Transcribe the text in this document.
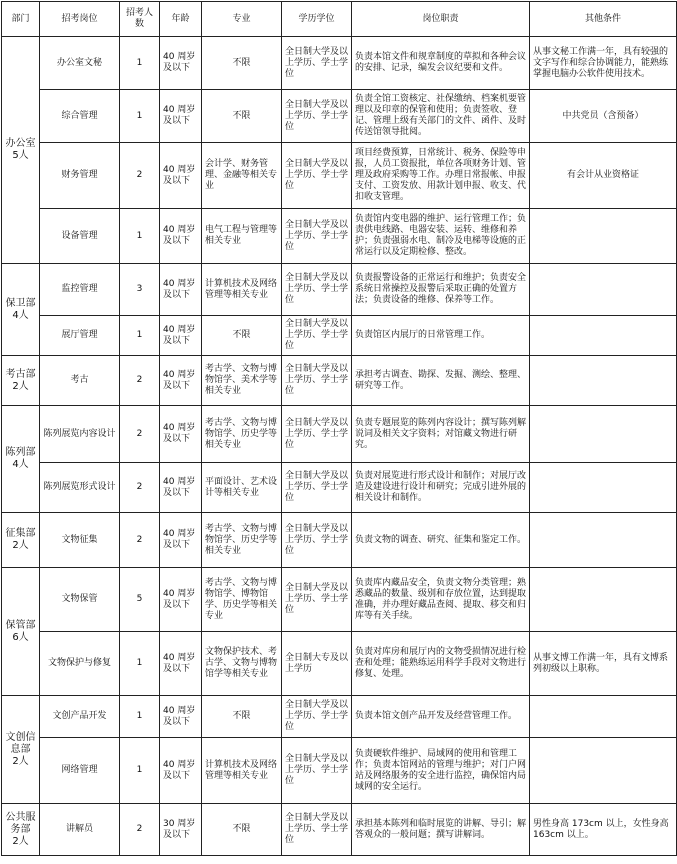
部门	招考岗位	招考人数	年龄	专业	学历学位	岗位职责	其他条件

办公室
5人	办公室文秘	1	40 周岁及以下	不限	全日制大学及以上学历、学士学位	负责本馆文件和规章制度的草拟和各种会议的安排、记录，编发会议纪要和文件。	从事文秘工作满一年，具有较强的文字写作和综合协调能力，能熟练掌握电脑办公软件使用技术。
	综合管理	1	40 周岁及以下	不限	全日制大学及以上学历、学士学位	负责全馆工资核定、社保缴纳、档案机要管理以及印章的保管和使用；负责签收、登记、管理上级有关部门的文件、函件、及时传送馆领导批阅。	中共党员（含预备）
	财务管理	2	40 周岁及以下	会计学、财务管理、金融等相关专业	全日制大学及以上学历、学士学位	项目经费预算，日常统计、税务、保险等申报，人员工资报批，单位各项财务计划、管理及政府采购等工作。办理日常报帐、申报支付、工资发放、用款计划申报、收支、代扣收支管理。	有会计从业资格证
	设备管理	1	40 周岁及以下	电气工程与管理等相关专业	全日制大学及以上学历、学士学位	负责馆内变电器的维护、运行管理工作；负责供电线路、电器安装、运转、维修和养护；负责强弱水电、制冷及电梯等设施的正常运行以及定期检修、整改。	

保卫部
4人	监控管理	3	40 周岁及以下	计算机技术及网络管理等相关专业	全日制大学及以上学历、学士学位	负责报警设备的正常运行和维护；负责安全系统日常操控及报警后采取正确的处置方法；负责设备的维修、保养等工作。	
	展厅管理	1	40 周岁及以下	不限	全日制大学及以上学历、学士学位	负责馆区内展厅的日常管理工作。	

考古部
2人	考古	2	40 周岁及以下	考古学、文物与博物馆学、美术学等相关专业	全日制大学及以上学历、学士学位	承担考古调查、勘探、发掘、测绘、整理、研究等工作。	

陈列部
4人	陈列展览内容设计	2	40 周岁及以下	考古学、文物与博物馆学、历史学等相关专业	全日制大学及以上学历、学士学位	负责专题展览的陈列内容设计；撰写陈列解说词及相关文字资料；对馆藏文物进行研究。	
	陈列展览形式设计	2	40 周岁及以下	平面设计、艺术设计等相关专业	全日制大学及以上学历、学士学位	负责对展览进行形式设计和制作；对展厅改造及建设进行设计和研究；完成引进外展的相关设计和制作。	

征集部
2人	文物征集	2	40 周岁及以下	考古学、文物与博物馆学、历史学等相关专业	全日制大学及以上学历、学士学位	负责文物的调查、研究、征集和鉴定工作。	

保管部
6人	文物保管	5	40 周岁及以下	考古学、文物与博物馆学、博物馆学、历史学等相关专业	全日制大学及以上学历、学士学位	负责库内藏品安全，负责文物分类管理；熟悉藏品的数量、级别和存放位置，达到提取准确，并办理好藏品查阅、提取、移交和归库等有关手续。	
	文物保护与修复	1	40 周岁及以下	文物保护技术、考古学、文物与博物馆学等相关专业	全日制大专及以上学历	负责对库房和展厅内的文物受损情况进行检查和处理；能熟练运用科学手段对文物进行修复、处理。	从事文博工作满一年，具有文博系列初级以上职称。

文创信息部
2人	文创产品开发	1	40 周岁及以下	不限	全日制大学及以上学历、学士学位	负责本馆文创产品开发及经营管理工作。	
	网络管理	1	40 周岁及以下	计算机技术及网络管理等相关专业	全日制大学及以上学历、学士学位	负责硬软件维护、局域网的使用和管理工作；负责本馆网站的管理与维护；对门户网站及网络服务的安全进行监控，确保馆内局域网的安全运行。	

公共服务部
2人	讲解员	2	30 周岁及以下	不限	全日制大学及以上学历、学士学位	承担基本陈列和临时展览的讲解、导引；解答观众的一般问题；撰写讲解词。	男性身高 173cm 以上，女性身高 163cm 以上。
